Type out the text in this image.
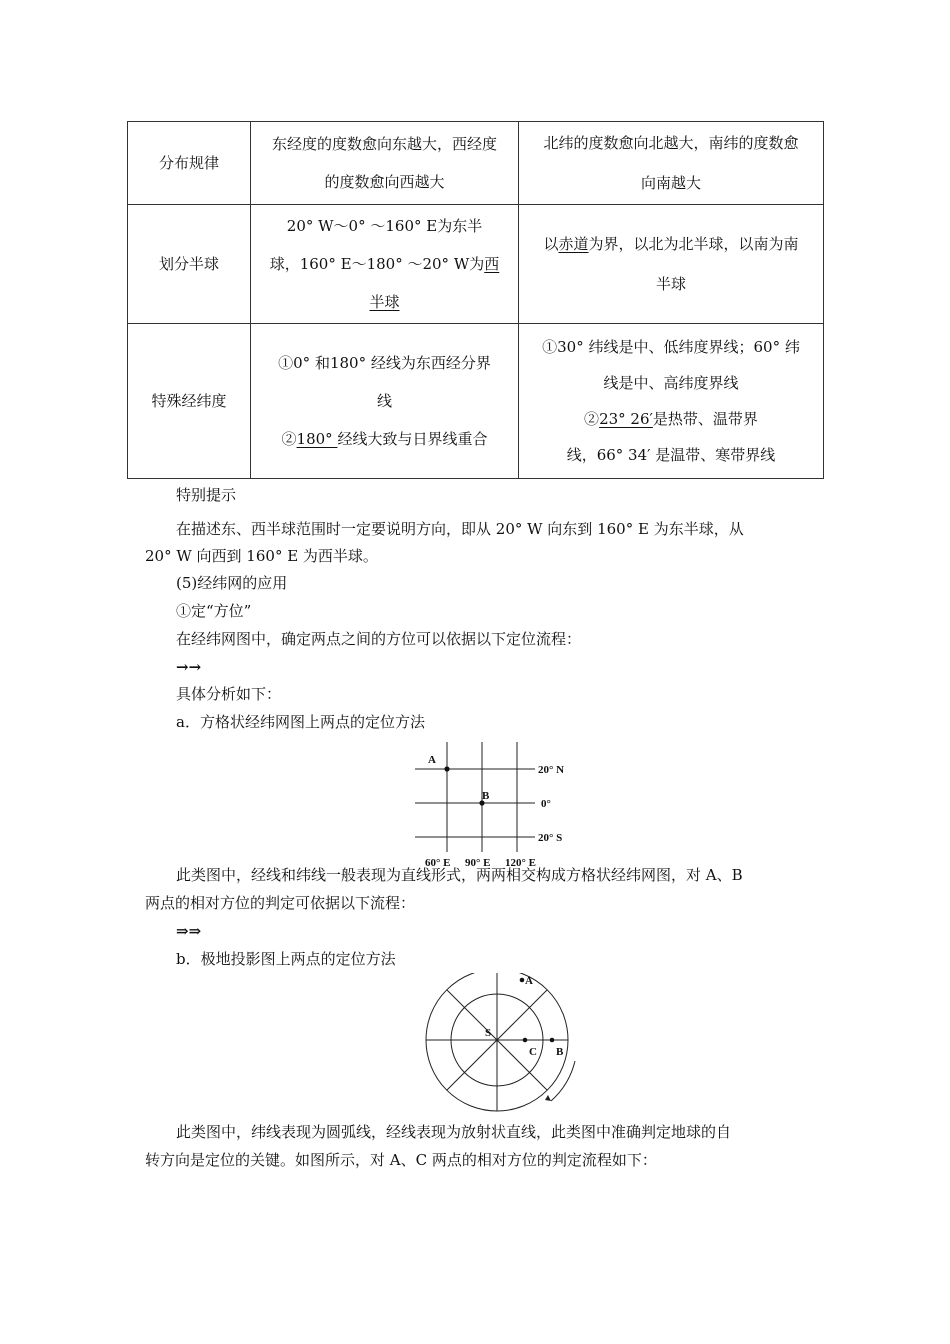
分布规律	东经度的度数愈向东越大，西经度
的度数愈向西越大	北纬的度数愈向北越大，南纬的度数愈
向南越大
划分半球	20° W～0° ～160° E为东半
球，160° E～180° ～20° W为西
半球	以赤道为界，以北为北半球，以南为南
半球
特殊经纬度	①0° 和180° 经线为东西经分界
线
②180° 经线大致与日界线重合	①30° 纬线是中、低纬度界线；60° 纬
线是中、高纬度界线
②23° 26′是热带、温带界
线，66° 34′ 是温带、寒带界线
特别提示
在描述东、西半球范围时一定要说明方向，即从 20° W 向东到 160° E 为东半球，从
20° W 向西到 160° E 为西半球。
(5)经纬网的应用
①定“方位”
在经纬网图中，确定两点之间的方位可以依据以下定位流程：
→→
具体分析如下：
a．方格状经纬网图上两点的定位方法
A
B
20° N
0°
20° S
60° E 90° E 120° E
此类图中，经线和纬线一般表现为直线形式，两两相交构成方格状经纬网图，对 A、B
两点的相对方位的判定可依据以下流程：
⇒⇒
b．极地投影图上两点的定位方法
S
A
C B
此类图中，纬线表现为圆弧线，经线表现为放射状直线，此类图中准确判定地球的自
转方向是定位的关键。如图所示，对 A、C 两点的相对方位的判定流程如下：
